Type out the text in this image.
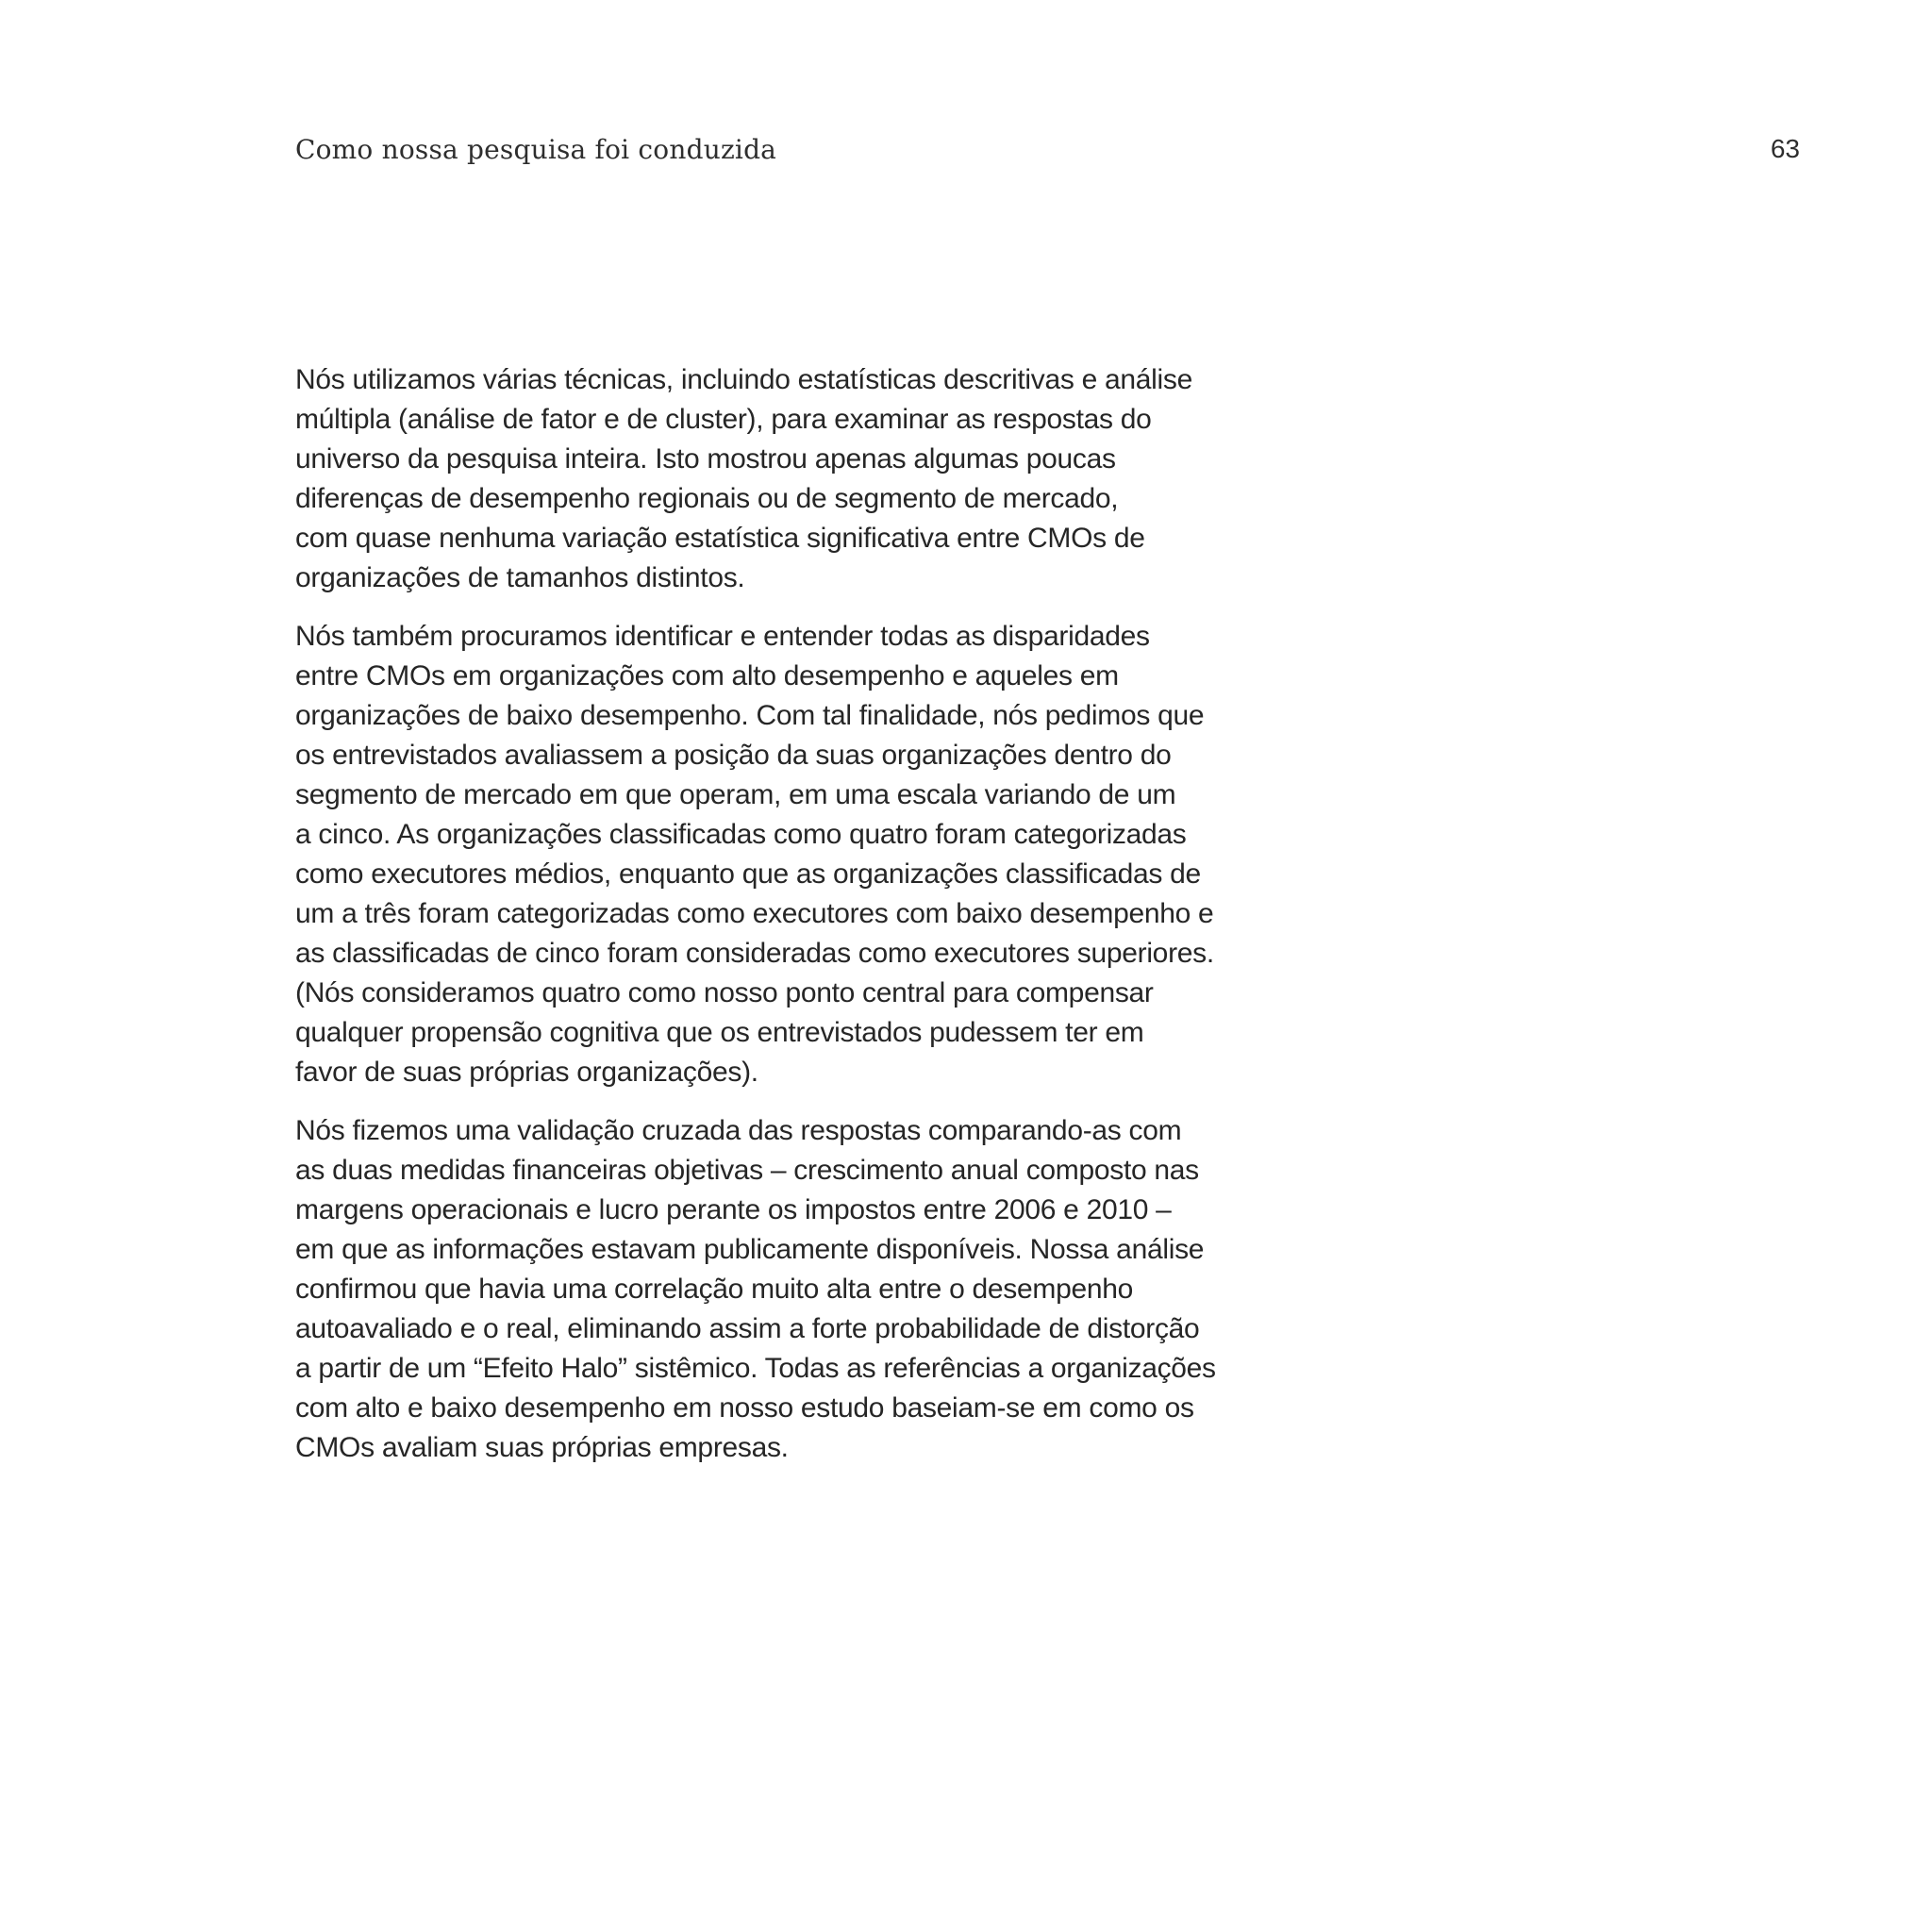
Como nossa pesquisa foi conduzida	63

Nós utilizamos várias técnicas, incluindo estatísticas descritivas e análise
múltipla (análise de fator e de cluster), para examinar as respostas do
universo da pesquisa inteira. Isto mostrou apenas algumas poucas
diferenças de desempenho regionais ou de segmento de mercado,
com quase nenhuma variação estatística significativa entre CMOs de
organizações de tamanhos distintos.

Nós também procuramos identificar e entender todas as disparidades
entre CMOs em organizações com alto desempenho e aqueles em
organizações de baixo desempenho. Com tal finalidade, nós pedimos que
os entrevistados avaliassem a posição da suas organizações dentro do
segmento de mercado em que operam, em uma escala variando de um
a cinco. As organizações classificadas como quatro foram categorizadas
como executores médios, enquanto que as organizações classificadas de
um a três foram categorizadas como executores com baixo desempenho e
as classificadas de cinco foram consideradas como executores superiores.
(Nós consideramos quatro como nosso ponto central para compensar
qualquer propensão cognitiva que os entrevistados pudessem ter em
favor de suas próprias organizações).

Nós fizemos uma validação cruzada das respostas comparando-as com
as duas medidas financeiras objetivas – crescimento anual composto nas
margens operacionais e lucro perante os impostos entre 2006 e 2010 –
em que as informações estavam publicamente disponíveis. Nossa análise
confirmou que havia uma correlação muito alta entre o desempenho
autoavaliado e o real, eliminando assim a forte probabilidade de distorção
a partir de um “Efeito Halo” sistêmico. Todas as referências a organizações
com alto e baixo desempenho em nosso estudo baseiam-se em como os
CMOs avaliam suas próprias empresas.
